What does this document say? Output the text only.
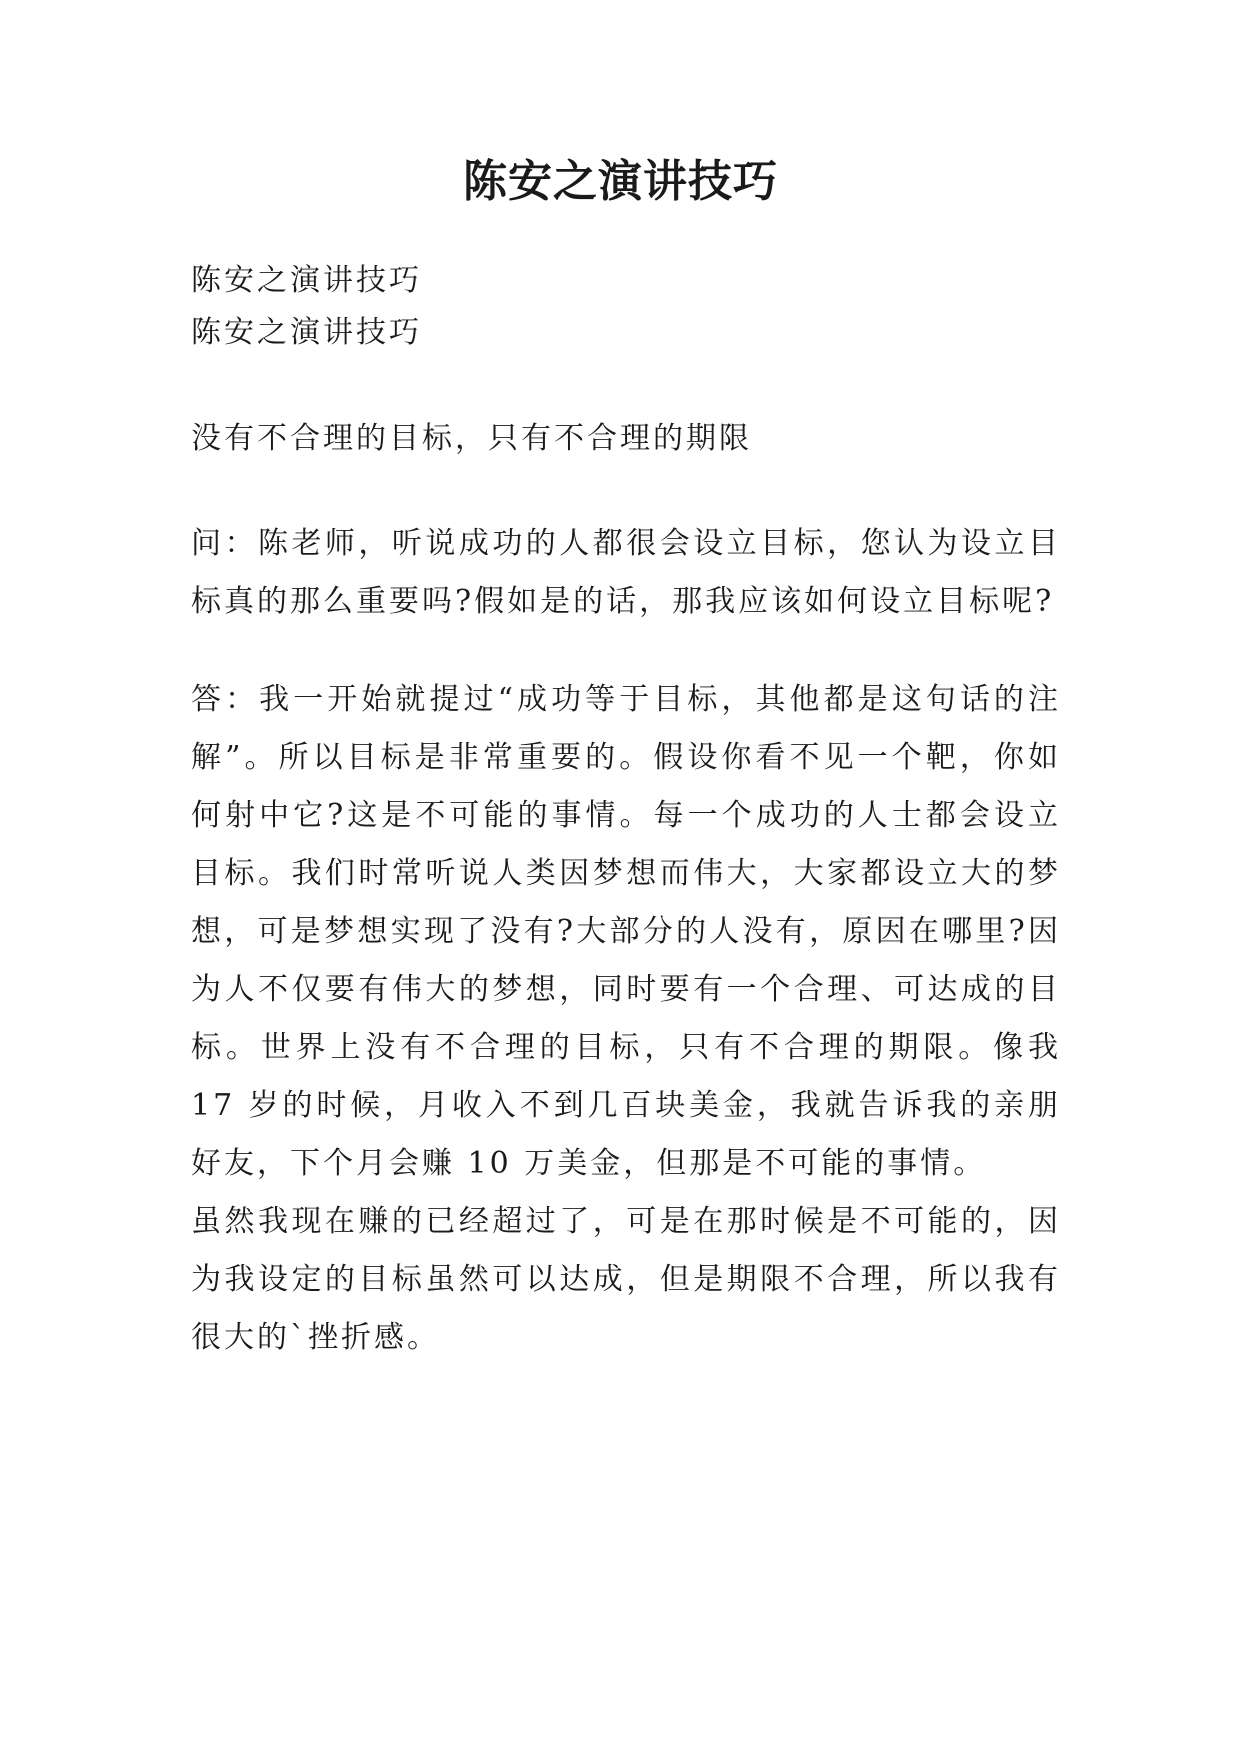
陈安之演讲技巧

陈安之演讲技巧

陈安之演讲技巧

没有不合理的目标，只有不合理的期限

问：陈老师，听说成功的人都很会设立目标，您认为设立目标真的那么重要吗?假如是的话，那我应该如何设立目标呢?

答：我一开始就提过“成功等于目标，其他都是这句话的注解”。所以目标是非常重要的。假设你看不见一个靶，你如何射中它?这是不可能的事情。每一个成功的人士都会设立目标。我们时常听说人类因梦想而伟大，大家都设立大的梦想，可是梦想实现了没有?大部分的人没有，原因在哪里?因为人不仅要有伟大的梦想，同时要有一个合理、可达成的目标。世界上没有不合理的目标，只有不合理的期限。像我 17 岁的时候，月收入不到几百块美金，我就告诉我的亲朋好友，下个月会赚 10 万美金，但那是不可能的事情。

虽然我现在赚的已经超过了，可是在那时候是不可能的，因为我设定的目标虽然可以达成，但是期限不合理，所以我有很大的`挫折感。
